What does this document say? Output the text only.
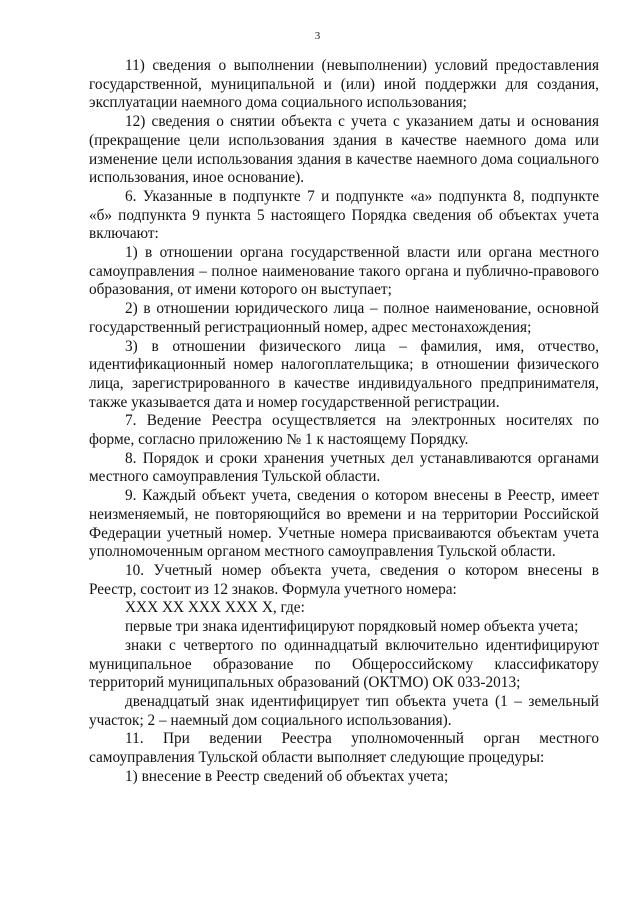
3

11) сведения о выполнении (невыполнении) условий предоставления государственной, муниципальной и (или) иной поддержки для создания, эксплуатации наемного дома социального использования;

12) сведения о снятии объекта с учета с указанием даты и основания (прекращение цели использования здания в качестве наемного дома или изменение цели использования здания в качестве наемного дома социального использования, иное основание).

6. Указанные в подпункте 7 и подпункте «а» подпункта 8, подпункте «б» подпункта 9 пункта 5 настоящего Порядка сведения об объектах учета включают:

1) в отношении органа государственной власти или органа местного самоуправления – полное наименование такого органа и публично-правового образования, от имени которого он выступает;

2) в отношении юридического лица – полное наименование, основной государственный регистрационный номер, адрес местонахождения;

3) в отношении физического лица – фамилия, имя, отчество, идентификационный номер налогоплательщика; в отношении физического лица, зарегистрированного в качестве индивидуального предпринимателя, также указывается дата и номер государственной регистрации.

7. Ведение Реестра осуществляется на электронных носителях по форме, согласно приложению № 1 к настоящему Порядку.

8. Порядок и сроки хранения учетных дел устанавливаются органами местного самоуправления Тульской области.

9. Каждый объект учета, сведения о котором внесены в Реестр, имеет неизменяемый, не повторяющийся во времени и на территории Российской Федерации учетный номер. Учетные номера присваиваются объектам учета уполномоченным органом местного самоуправления Тульской области.

10. Учетный номер объекта учета, сведения о котором внесены в Реестр, состоит из 12 знаков. Формула учетного номера:

ХХХ ХХ ХХХ ХХХ Х, где:

первые три знака идентифицируют порядковый номер объекта учета;

знаки с четвертого по одиннадцатый включительно идентифицируют муниципальное образование по Общероссийскому классификатору территорий муниципальных образований (ОКТМО) ОК 033-2013;

двенадцатый знак идентифицирует тип объекта учета (1 – земельный участок; 2 – наемный дом социального использования).

11. При ведении Реестра уполномоченный орган местного самоуправления Тульской области выполняет следующие процедуры:

1) внесение в Реестр сведений об объектах учета;
